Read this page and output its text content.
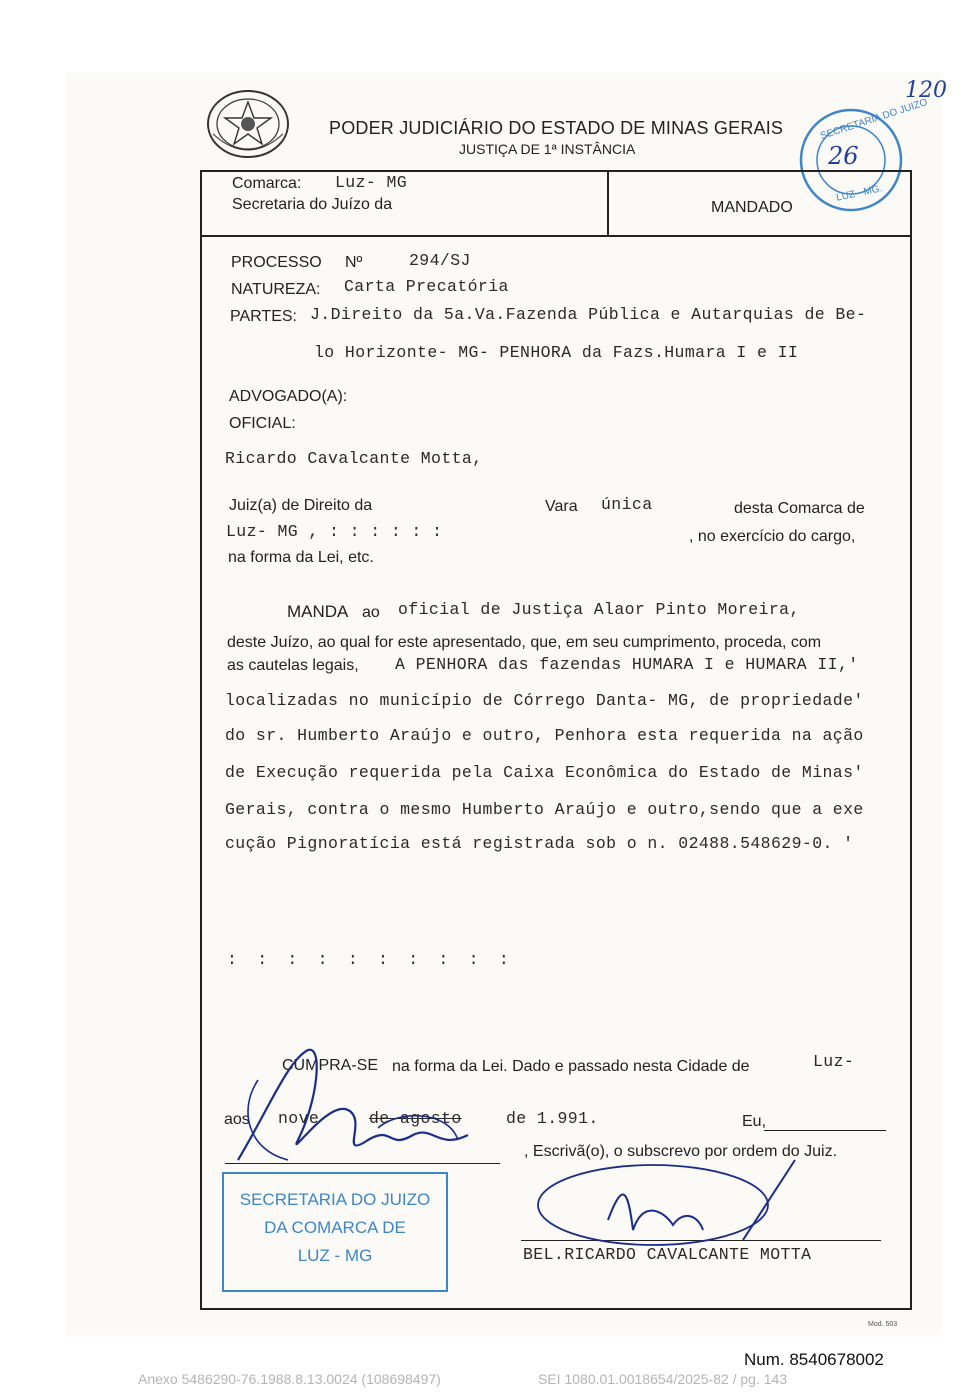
PODER JUDICIÁRIO DO ESTADO DE MINAS GERAIS
JUSTIÇA DE 1ª INSTÂNCIA
120
SECRETARIA DO JUIZO
26
LUZ - MG.
Comarca: Luz- MG
Secretaria do Juízo da	MANDADO
PROCESSO Nº	294/SJ
NATUREZA: Carta Precatória
PARTES: J.Direito da 5a.Va.Fazenda Pública e Autarquias de Be-
lo Horizonte- MG- PENHORA da Fazs.Humara I e II
ADVOGADO(A):
OFICIAL:
Ricardo Cavalcante Motta,
Juiz(a) de Direito da	Vara única	desta Comarca de
Luz- MG , : : : : : :	, no exercício do cargo,
na forma da Lei, etc.
MANDA ao oficial de Justiça Alaor Pinto Moreira,
deste Juízo, ao qual for este apresentado, que, em seu cumprimento, proceda, com
as cautelas legais, A PENHORA das fazendas HUMARA I e HUMARA II,'
localizadas no município de Córrego Danta- MG, de propriedade'
do sr. Humberto Araújo e outro, Penhora esta requerida na ação
de Execução requerida pela Caixa Econômica do Estado de Minas'
Gerais, contra o mesmo Humberto Araújo e outro,sendo que a exe
cução Pignoratícia está registrada sob o n. 02488.548629-0. '
: : : : : : : : : :
CUMPRA-SE na forma da Lei. Dado e passado nesta Cidade de	Luz-
aos nove	de agosto	de 1.991.	Eu,
, Escrivã(o), o subscrevo por ordem do Juiz.
BEL.RICARDO CAVALCANTE MOTTA
SECRETARIA DO JUIZO
DA COMARCA DE
LUZ - MG
Mod. 503
Num. 8540678002
Anexo 5486290-76.1988.8.13.0024 (108698497)	SEI 1080.01.0018654/2025-82 / pg. 143
